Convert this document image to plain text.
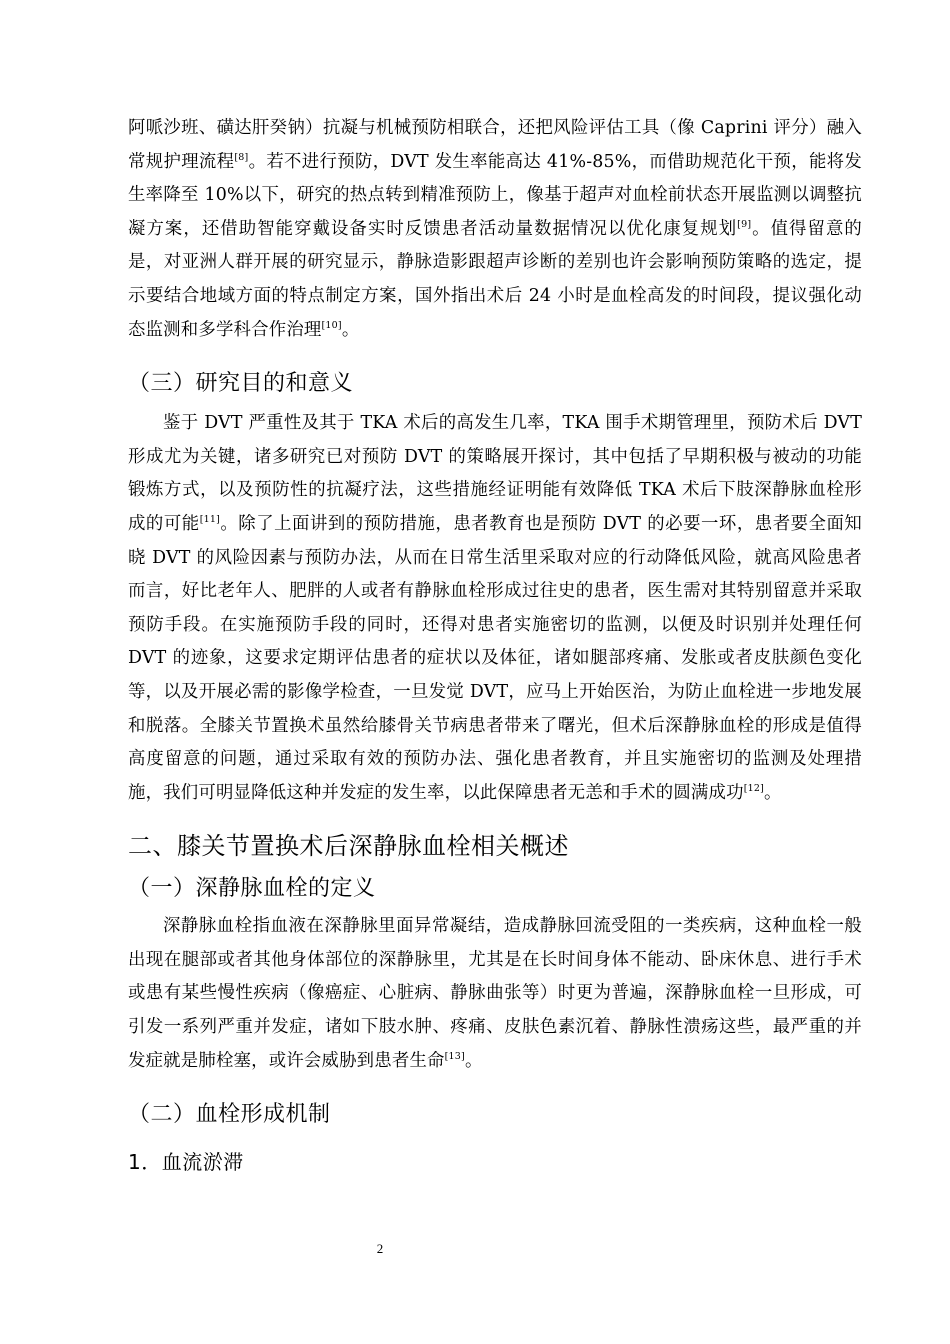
阿哌沙班、磺达肝癸钠）抗凝与机械预防相联合，还把风险评估工具（像 Caprini 评分）融入常规护理流程[8]。若不进行预防，DVT 发生率能高达 41%-85%，而借助规范化干预，能将发生率降至 10%以下，研究的热点转到精准预防上，像基于超声对血栓前状态开展监测以调整抗凝方案，还借助智能穿戴设备实时反馈患者活动量数据情况以优化康复规划[9]。值得留意的是，对亚洲人群开展的研究显示，静脉造影跟超声诊断的差别也许会影响预防策略的选定，提示要结合地域方面的特点制定方案，国外指出术后 24 小时是血栓高发的时间段，提议强化动态监测和多学科合作治理[10]。

（三）研究目的和意义

鉴于 DVT 严重性及其于 TKA 术后的高发生几率，TKA 围手术期管理里，预防术后 DVT 形成尤为关键，诸多研究已对预防 DVT 的策略展开探讨，其中包括了早期积极与被动的功能锻炼方式，以及预防性的抗凝疗法，这些措施经证明能有效降低 TKA 术后下肢深静脉血栓形成的可能[11]。除了上面讲到的预防措施，患者教育也是预防 DVT 的必要一环，患者要全面知晓 DVT 的风险因素与预防办法，从而在日常生活里采取对应的行动降低风险，就高风险患者而言，好比老年人、肥胖的人或者有静脉血栓形成过往史的患者，医生需对其特别留意并采取预防手段。在实施预防手段的同时，还得对患者实施密切的监测，以便及时识别并处理任何 DVT 的迹象，这要求定期评估患者的症状以及体征，诸如腿部疼痛、发胀或者皮肤颜色变化等，以及开展必需的影像学检查，一旦发觉 DVT，应马上开始医治，为防止血栓进一步地发展和脱落。全膝关节置换术虽然给膝骨关节病患者带来了曙光，但术后深静脉血栓的形成是值得高度留意的问题，通过采取有效的预防办法、强化患者教育，并且实施密切的监测及处理措施，我们可明显降低这种并发症的发生率，以此保障患者无恙和手术的圆满成功[12]。

二、膝关节置换术后深静脉血栓相关概述
（一）深静脉血栓的定义

深静脉血栓指血液在深静脉里面异常凝结，造成静脉回流受阻的一类疾病，这种血栓一般出现在腿部或者其他身体部位的深静脉里，尤其是在长时间身体不能动、卧床休息、进行手术或患有某些慢性疾病（像癌症、心脏病、静脉曲张等）时更为普遍，深静脉血栓一旦形成，可引发一系列严重并发症，诸如下肢水肿、疼痛、皮肤色素沉着、静脉性溃疡这些，最严重的并发症就是肺栓塞，或许会威胁到患者生命[13]。

（二）血栓形成机制
1．血流淤滞
2
